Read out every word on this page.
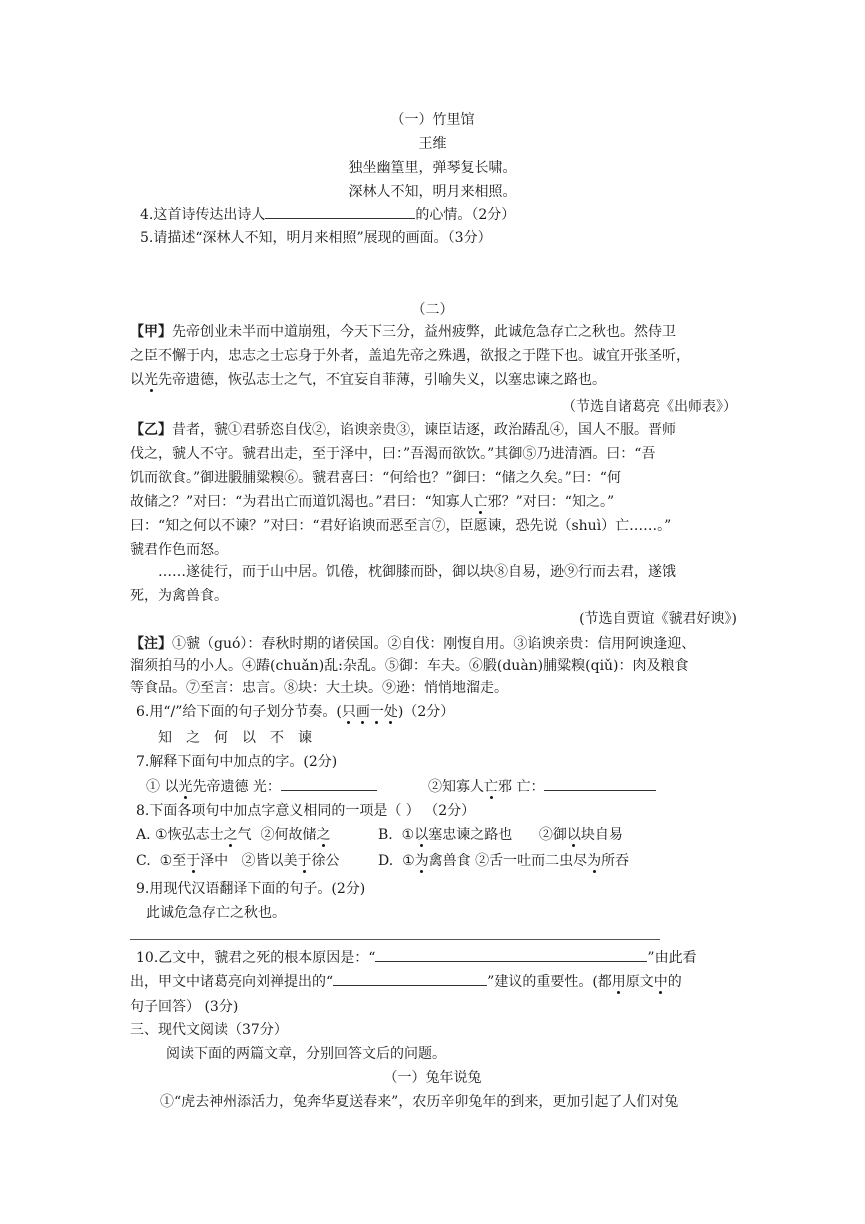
（一）竹里馆
王维
独坐幽篁里，弹琴复长啸。
深林人不知，明月来相照。
4.这首诗传达出诗人	的心情。（2分）
5.请描述“深林人不知，明月来相照”展现的画面。（3分）
（二）
【甲】先帝创业未半而中道崩殂，今天下三分，益州疲弊，此诚危急存亡之秋也。然侍卫
之臣不懈于内，忠志之士忘身于外者，盖追先帝之殊遇，欲报之于陛下也。诚宜开张圣听，
以光先帝遗德，恢弘志士之气，不宜妄自菲薄，引喻失义，以塞忠谏之路也。
（节选自诸葛亮《出师表》）
【乙】昔者，虢①君骄恣自伐②，谄谀亲贵③，谏臣诘逐，政治踳乱④，国人不服。晋师
伐之，虢人不守。虢君出走，至于泽中，曰：”吾渴而欲饮。”其御⑤乃进清酒。曰：“吾
饥而欲食。”御进腶脯粱糗⑥。虢君喜曰：“何给也？”御曰：“储之久矣。”曰：“何
故储之？”对曰：“为君出亡而道饥渴也。”君曰：“知寡人亡邪？”对曰：“知之。”
曰：“知之何以不谏？”对曰：“君好谄谀而恶至言⑦，臣愿谏，恐先说（shuì）亡……。”
虢君作色而怒。
……遂徒行，而于山中居。饥倦，枕御膝而卧，御以块⑧自易，逊⑨行而去君，遂饿
死，为禽兽食。
(节选自贾谊《虢君好谀》)
【注】①虢（guó）：春秋时期的诸侯国。②自伐：刚愎自用。③谄谀亲贵：信用阿谀逢迎、
溜须拍马的小人。④踳(chuǎn)乱:杂乱。⑤御：车夫。⑥腶(duàn)脯粱糗(qiǔ)：肉及粮食
等食品。⑦至言：忠言。⑧块：大土块。⑨逊：悄悄地溜走。
6.用“/”给下面的句子划分节奏。(只画一处)（2分）
知之何以不谏
7.解释下面句中加点的字。(2分)
① 以光先帝遗德 光：	②知寡人亡邪 亡：
8.下面各项句中加点字意义相同的一项是（ ） （2分）
A. ①恢弘志士之气 ②何故储之	B. ①以塞忠谏之路也 ②御以块自易
C. ①至于泽中 ②皆以美于徐公	D. ①为禽兽食 ②舌一吐而二虫尽为所吞
9.用现代汉语翻译下面的句子。(2分)
此诚危急存亡之秋也。
10.乙文中，虢君之死的根本原因是：“	”由此看
出，甲文中诸葛亮向刘禅提出的“	”建议的重要性。(都用原文中的
句子回答） (3分)
三、现代文阅读（37分）
阅读下面的两篇文章，分别回答文后的问题。
（一）兔年说兔
①“虎去神州添活力，兔奔华夏送春来”，农历辛卯兔年的到来，更加引起了人们对兔
